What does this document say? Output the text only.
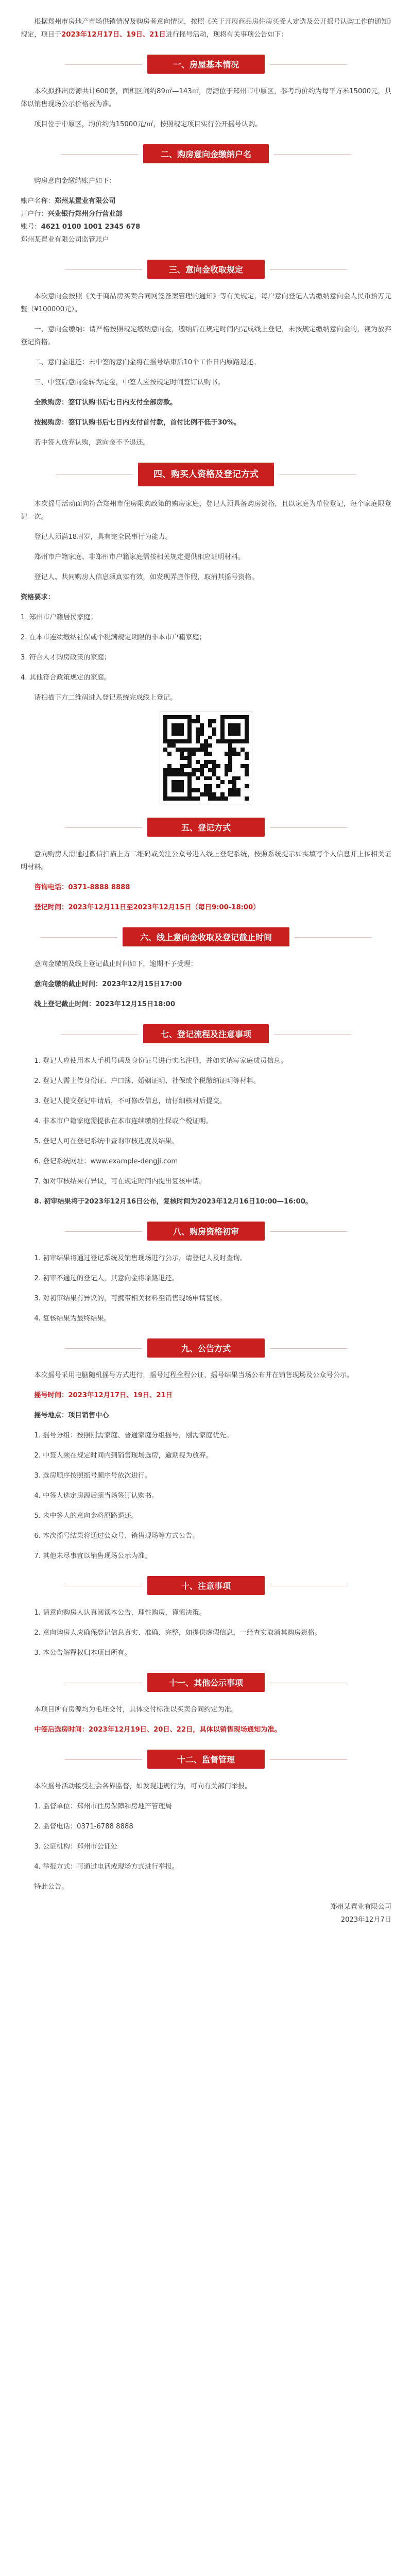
根据郑州市房地产市场供销情况及购房者意向情况，按照《关于开展商品房住房买受人定选及公开摇号认购工作的通知》规定，项目于2023年12月17日、19日、21日进行摇号活动，现将有关事项公告如下：

一、房屋基本情况

本次拟推出房源共计600套，面积区间约89㎡—143㎡，房源位于郑州市中原区，参考均价约为每平方米15000元，具体以销售现场公示价格表为准。

项目位于中原区，均价约为15000元/㎡，按照规定项目实行公开摇号认购。

二、购房意向金缴纳户名

购房意向金缴纳账户如下：

账户名称：郑州某置业有限公司

开户行：兴业银行郑州分行营业部

账号：4621 0100 1001 2345 678

郑州某置业有限公司监管账户

三、意向金收取规定

本次意向金按照《关于商品房买卖合同网签备案管理的通知》等有关规定，每户意向登记人需缴纳意向金人民币拾万元整（¥100000元）。

一、意向金缴纳：请严格按照规定缴纳意向金，缴纳后在规定时间内完成线上登记，未按规定缴纳意向金的，视为放弃登记资格。

二、意向金退还：未中签的意向金将在摇号结束后10个工作日内原路退还。

三、中签后意向金转为定金，中签人应按规定时间签订认购书。

全款购房：签订认购书后七日内支付全部房款。

按揭购房：签订认购书后七日内支付首付款，首付比例不低于30%。

若中签人放弃认购，意向金不予退还。

四、购买人资格及登记方式

本次摇号活动面向符合郑州市住房限购政策的购房家庭，登记人须具备购房资格，且以家庭为单位登记，每个家庭限登记一次。

登记人须满18周岁，具有完全民事行为能力。

郑州市户籍家庭、非郑州市户籍家庭需按相关规定提供相应证明材料。

登记人、共同购房人信息须真实有效，如发现弄虚作假，取消其摇号资格。

资格要求：

1. 郑州市户籍居民家庭；

2. 在本市连续缴纳社保或个税满规定期限的非本市户籍家庭；

3. 符合人才购房政策的家庭；

4. 其他符合政策规定的家庭。

请扫描下方二维码进入登记系统完成线上登记。

五、登记方式

意向购房人需通过微信扫描上方二维码或关注公众号进入线上登记系统，按照系统提示如实填写个人信息并上传相关证明材料。

咨询电话：0371-8888 8888

登记时间：2023年12月11日至2023年12月15日（每日9:00-18:00）

六、线上意向金收取及登记截止时间

意向金缴纳及线上登记截止时间如下，逾期不予受理：

意向金缴纳截止时间：2023年12月15日17:00

线上登记截止时间：2023年12月15日18:00

七、登记流程及注意事项

1. 登记人应使用本人手机号码及身份证号进行实名注册，并如实填写家庭成员信息。

2. 登记人需上传身份证、户口簿、婚姻证明、社保或个税缴纳证明等材料。

3. 登记人提交登记申请后，不可修改信息，请仔细核对后提交。

4. 非本市户籍家庭需提供在本市连续缴纳社保或个税证明。

5. 登记人可在登记系统中查询审核进度及结果。

6. 登记系统网址：www.example-dengji.com

7. 如对审核结果有异议，可在规定时间内提出复核申请。

8. 初审结果将于2023年12月16日公布，复核时间为2023年12月16日10:00—16:00。

八、购房资格初审

1. 初审结果将通过登记系统及销售现场进行公示，请登记人及时查询。

2. 初审不通过的登记人，其意向金将原路退还。

3. 对初审结果有异议的，可携带相关材料至销售现场申请复核。

4. 复核结果为最终结果。

九、公告方式

本次摇号采用电脑随机摇号方式进行，摇号过程全程公证，摇号结果当场公布并在销售现场及公众号公示。

摇号时间：2023年12月17日、19日、21日

摇号地点：项目销售中心

1. 摇号分组：按照刚需家庭、普通家庭分组摇号，刚需家庭优先。

2. 中签人须在规定时间内到销售现场选房，逾期视为放弃。

3. 选房顺序按照摇号顺序号依次进行。

4. 中签人选定房源后须当场签订认购书。

5. 未中签人的意向金将原路退还。

6. 本次摇号结果将通过公众号、销售现场等方式公告。

7. 其他未尽事宜以销售现场公示为准。

十、注意事项

1. 请意向购房人认真阅读本公告，理性购房，谨慎决策。

2. 意向购房人应确保登记信息真实、准确、完整，如提供虚假信息，一经查实取消其购房资格。

3. 本公告解释权归本项目所有。

十一、其他公示事项

本项目所有房源均为毛坯交付，具体交付标准以买卖合同约定为准。

中签后选房时间：2023年12月19日、20日、22日，具体以销售现场通知为准。

十二、监督管理

本次摇号活动接受社会各界监督，如发现违规行为，可向有关部门举报。

1. 监督单位：郑州市住房保障和房地产管理局

2. 监督电话：0371-6788 8888

3. 公证机构：郑州市公证处

4. 举报方式：可通过电话或现场方式进行举报。

特此公告。

郑州某置业有限公司
2023年12月7日
